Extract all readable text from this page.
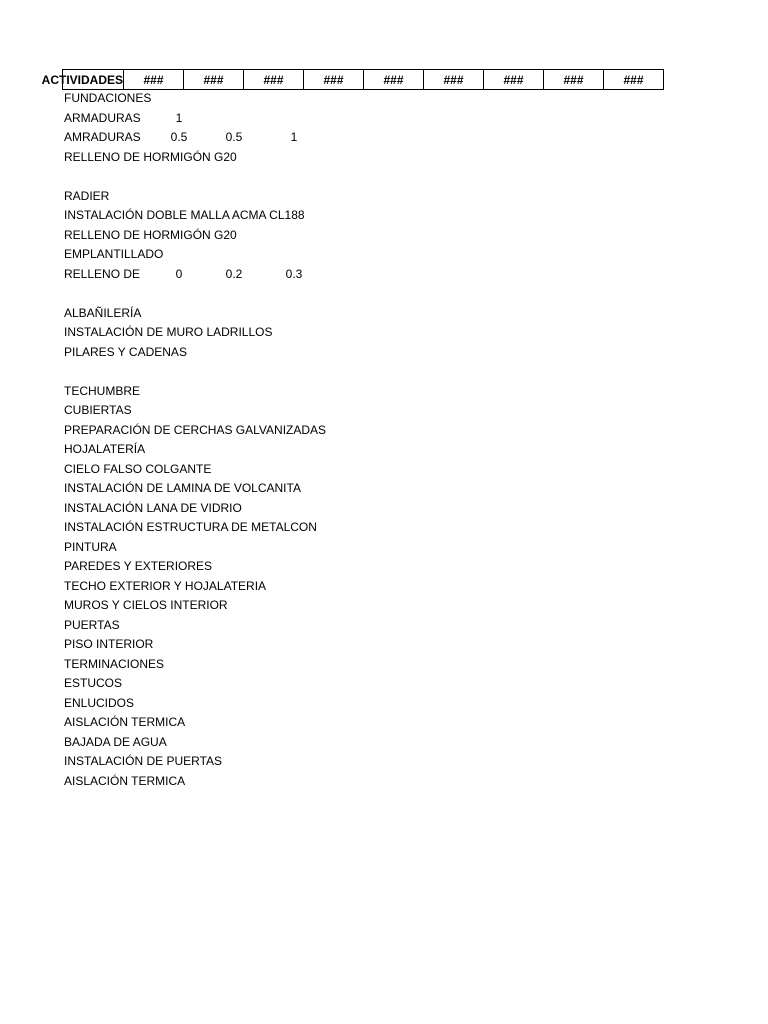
ACTIVIDADES ###	###	###	###	###	###	###	###	###
FUNDACIONES
ARMADURAS	1
AMRADURAS	0.5	0.5	1
RELLENO DE HORMIGÓN G20
RADIER
INSTALACIÓN DOBLE MALLA ACMA CL188
RELLENO DE HORMIGÓN G20
EMPLANTILLADO
RELLENO DE	0	0.2	0.3
ALBAÑILERÍA
INSTALACIÓN DE MURO LADRILLOS
PILARES Y CADENAS
TECHUMBRE
CUBIERTAS
PREPARACIÓN DE CERCHAS GALVANIZADAS
HOJALATERÍA
CIELO FALSO COLGANTE
INSTALACIÓN DE LAMINA DE VOLCANITA
INSTALACIÓN LANA DE VIDRIO
INSTALACIÓN ESTRUCTURA DE METALCON
PINTURA
PAREDES Y EXTERIORES
TECHO EXTERIOR Y HOJALATERIA
MUROS Y CIELOS INTERIOR
PUERTAS
PISO INTERIOR
TERMINACIONES
ESTUCOS
ENLUCIDOS
AISLACIÓN TERMICA
BAJADA DE AGUA
INSTALACIÓN DE PUERTAS
AISLACIÓN TERMICA
